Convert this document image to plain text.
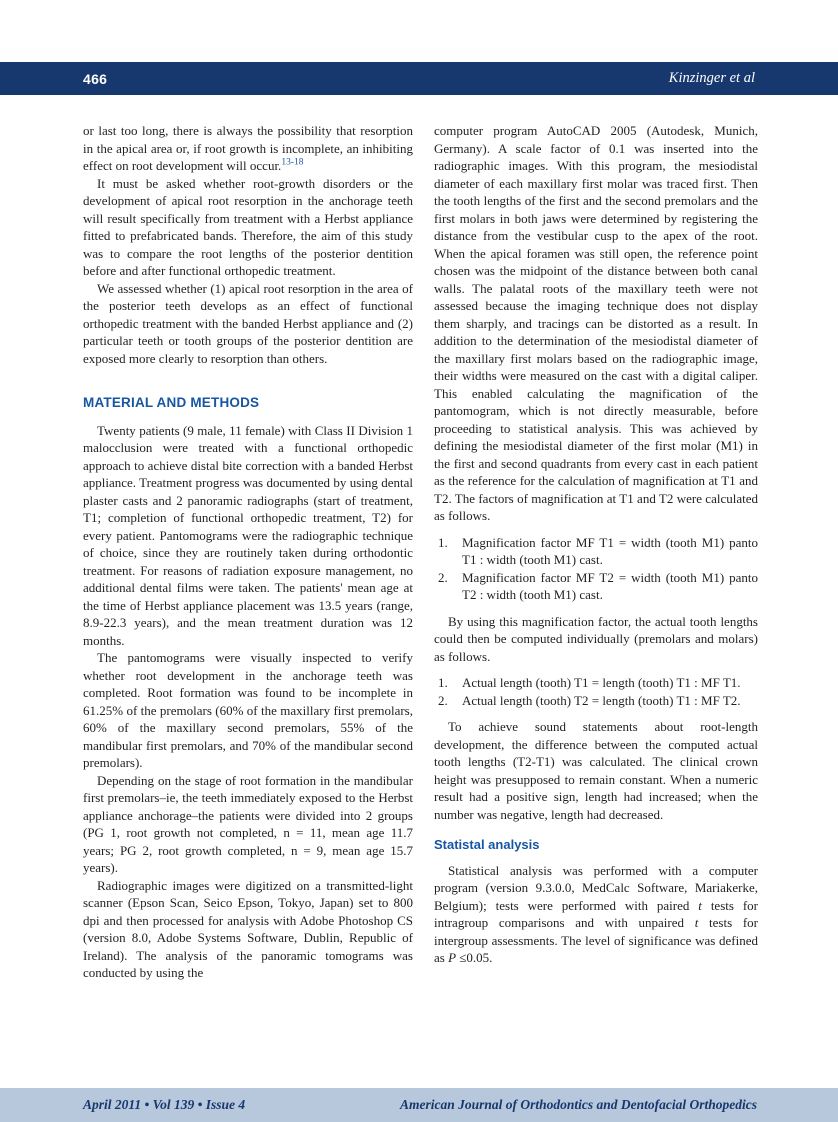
466	Kinzinger et al

or last too long, there is always the possibility that resorption in the apical area or, if root growth is incomplete, an inhibiting effect on root development will occur.$^{13-18}$

It must be asked whether root-growth disorders or the development of apical root resorption in the anchorage teeth will result specifically from treatment with a Herbst appliance fitted to prefabricated bands. Therefore, the aim of this study was to compare the root lengths of the posterior dentition before and after functional orthopedic treatment.

We assessed whether (1) apical root resorption in the area of the posterior teeth develops as an effect of functional orthopedic treatment with the banded Herbst appliance and (2) particular teeth or tooth groups of the posterior dentition are exposed more clearly to resorption than others.

MATERIAL AND METHODS

Twenty patients (9 male, 11 female) with Class II Division 1 malocclusion were treated with a functional orthopedic approach to achieve distal bite correction with a banded Herbst appliance. Treatment progress was documented by using dental plaster casts and 2 panoramic radiographs (start of treatment, T1; completion of functional orthopedic treatment, T2) for every patient. Pantomograms were the radiographic technique of choice, since they are routinely taken during orthodontic treatment. For reasons of radiation exposure management, no additional dental films were taken. The patients' mean age at the time of Herbst appliance placement was 13.5 years (range, 8.9-22.3 years), and the mean treatment duration was 12 months.

The pantomograms were visually inspected to verify whether root development in the anchorage teeth was completed. Root formation was found to be incomplete in 61.25% of the premolars (60% of the maxillary first premolars, 60% of the maxillary second premolars, 55% of the mandibular first premolars, and 70% of the mandibular second premolars).

Depending on the stage of root formation in the mandibular first premolars–ie, the teeth immediately exposed to the Herbst appliance anchorage–the patients were divided into 2 groups (PG 1, root growth not completed, n = 11, mean age 11.7 years; PG 2, root growth completed, n = 9, mean age 15.7 years).

Radiographic images were digitized on a transmitted-light scanner (Epson Scan, Seico Epson, Tokyo, Japan) set to 800 dpi and then processed for analysis with Adobe Photoshop CS (version 8.0, Adobe Systems Software, Dublin, Republic of Ireland). The analysis of the panoramic tomograms was conducted by using the

computer program AutoCAD 2005 (Autodesk, Munich, Germany). A scale factor of 0.1 was inserted into the radiographic images. With this program, the mesiodistal diameter of each maxillary first molar was traced first. Then the tooth lengths of the first and the second premolars and the first molars in both jaws were determined by registering the distance from the vestibular cusp to the apex of the root. When the apical foramen was still open, the reference point chosen was the midpoint of the distance between both canal walls. The palatal roots of the maxillary teeth were not assessed because the imaging technique does not display them sharply, and tracings can be distorted as a result. In addition to the determination of the mesiodistal diameter of the maxillary first molars based on the radiographic image, their widths were measured on the cast with a digital caliper. This enabled calculating the magnification of the pantomogram, which is not directly measurable, before proceeding to statistical analysis. This was achieved by defining the mesiodistal diameter of the first molar (M1) in the first and second quadrants from every cast in each patient as the reference for the calculation of magnification at T1 and T2. The factors of magnification at T1 and T2 were calculated as follows.

1. Magnification factor MF T1 = width (tooth M1) panto T1 : width (tooth M1) cast.
2. Magnification factor MF T2 = width (tooth M1) panto T2 : width (tooth M1) cast.

By using this magnification factor, the actual tooth lengths could then be computed individually (premolars and molars) as follows.

1. Actual length (tooth) T1 = length (tooth) T1 : MF T1.
2. Actual length (tooth) T2 = length (tooth) T1 : MF T2.

To achieve sound statements about root-length development, the difference between the computed actual tooth lengths (T2-T1) was calculated. The clinical crown height was presupposed to remain constant. When a numeric result had a positive sign, length had increased; when the number was negative, length had decreased.

Statistal analysis

Statistical analysis was performed with a computer program (version 9.3.0.0, MedCalc Software, Mariakerke, Belgium); tests were performed with paired t tests for intragroup comparisons and with unpaired t tests for intergroup assessments. The level of significance was defined as P ≤0.05.

April 2011 • Vol 139 • Issue 4	American Journal of Orthodontics and Dentofacial Orthopedics
